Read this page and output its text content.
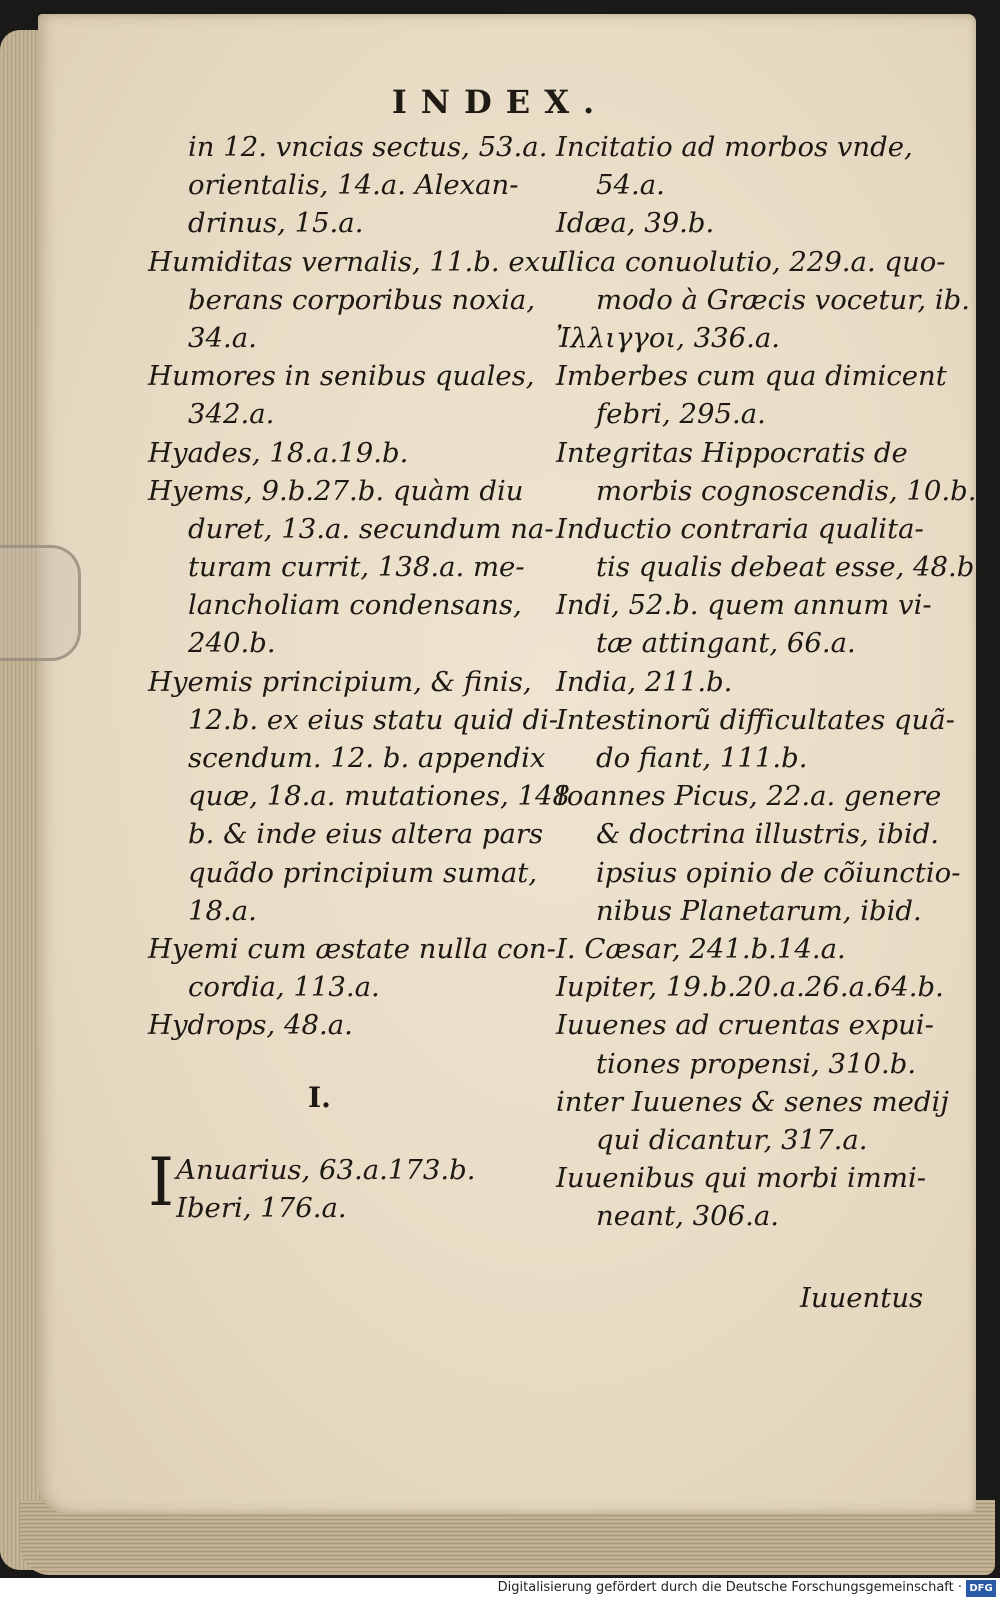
INDEX.
in 12. vncias sectus, 53.a.
orientalis, 14.a. Alexan-
drinus, 15.a.
Humiditas vernalis, 11.b. exu
berans corporibus noxia,
34.a.
Humores in senibus quales,
342.a.
Hyades, 18.a.19.b.
Hyems, 9.b.27.b. quàm diu
duret, 13.a. secundum na-
turam currit, 138.a. me-
lancholiam condensans,
240.b.
Hyemis principium, & finis,
12.b. ex eius statu quid di-
scendum. 12. b. appendix
quæ, 18.a. mutationes, 148
b. & inde eius altera pars
quãdo principium sumat,
18.a.
Hyemi cum æstate nulla con-
cordia, 113.a.
Hydrops, 48.a.
I.
I Anuarius, 63.a.173.b.
Iberi, 176.a.
Incitatio ad morbos vnde,
54.a.
Idæa, 39.b.
Ilica conuolutio, 229.a. quo-
modo à Græcis vocetur, ib.
Ἰλλιγγοι, 336.a.
Imberbes cum qua dimicent
febri, 295.a.
Integritas Hippocratis de
morbis cognoscendis, 10.b.
Inductio contraria qualita-
tis qualis debeat esse, 48.b.
Indi, 52.b. quem annum vi-
tæ attingant, 66.a.
India, 211.b.
Intestinorũ difficultates quã-
do fiant, 111.b.
Ioannes Picus, 22.a. genere
& doctrina illustris, ibid.
ipsius opinio de cõiunctio-
nibus Planetarum, ibid.
I. Cæsar, 241.b.14.a.
Iupiter, 19.b.20.a.26.a.64.b.
Iuuenes ad cruentas expui-
tiones propensi, 310.b.
inter Iuuenes & senes medij
qui dicantur, 317.a.
Iuuenibus qui morbi immi-
neant, 306.a.
Iuuentus
Digitalisierung gefördert durch die Deutsche Forschungsgemeinschaft · DFG
